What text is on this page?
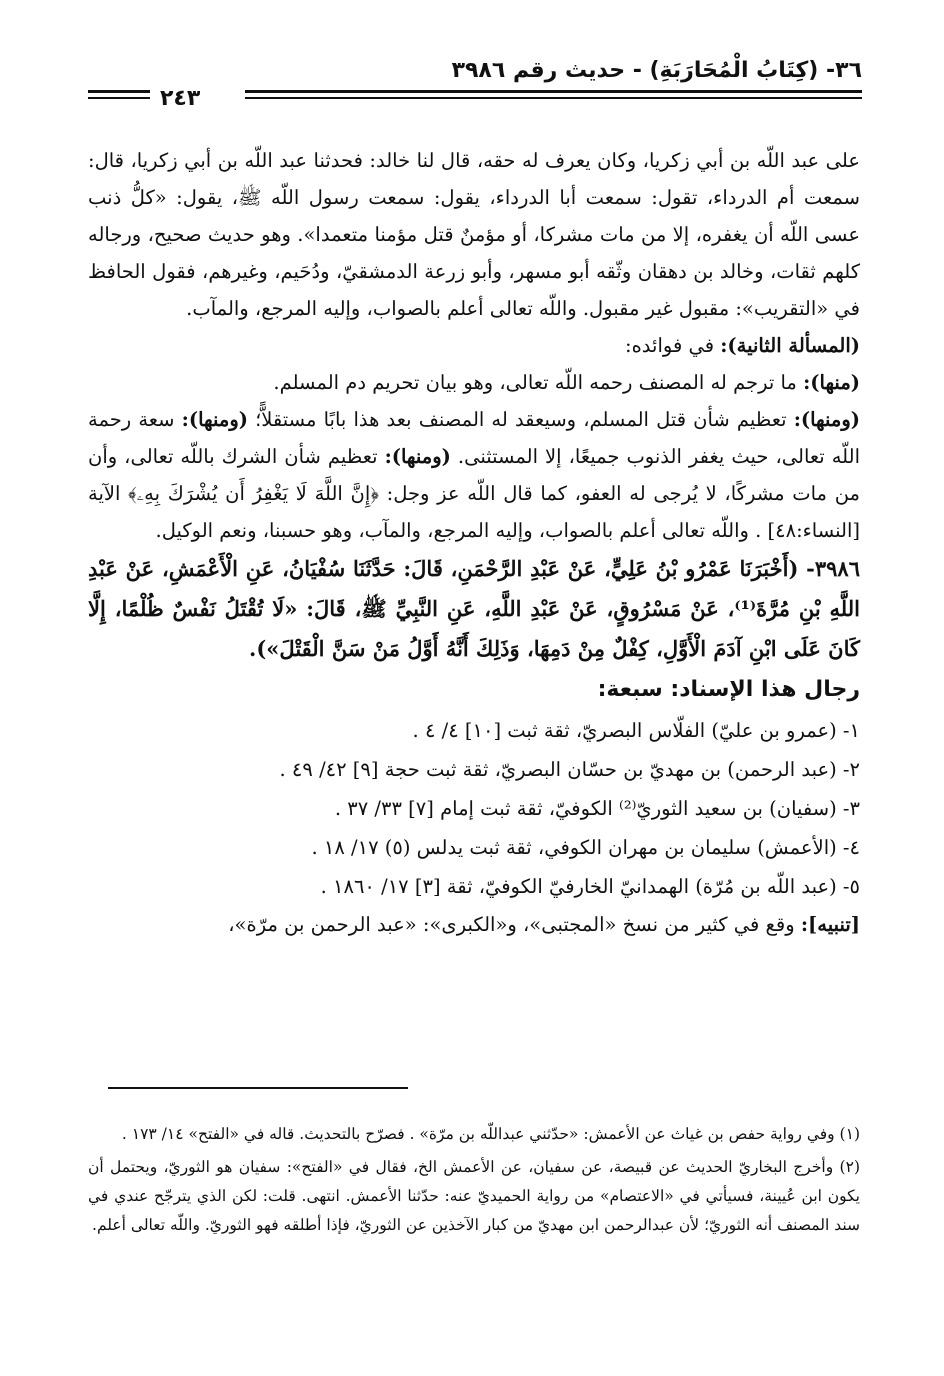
٣٦- (كِتَابُ الْمُحَارَبَةِ) - حديث رقم ٣٩٨٦
٢٤٣

على عبد اللّه بن أبي زكريا، وكان يعرف له حقه، قال لنا خالد: فحدثنا عبد اللّه بن أبي زكريا، قال: سمعت أم الدرداء، تقول: سمعت أبا الدرداء، يقول: سمعت رسول اللّه ﷺ، يقول: «كلُّ ذنب عسى اللّه أن يغفره، إلا من مات مشركا، أو مؤمنٌ قتل مؤمنا متعمدا». وهو حديث صحيح، ورجاله كلهم ثقات، وخالد بن دهقان وثّقه أبو مسهر، وأبو زرعة الدمشقيّ، ودُحَيم، وغيرهم، فقول الحافظ في «التقريب»: مقبول غير مقبول. واللّه تعالى أعلم بالصواب، وإليه المرجع، والمآب.

(المسألة الثانية): في فوائده:

(منها): ما ترجم له المصنف رحمه اللّه تعالى، وهو بيان تحريم دم المسلم.

(ومنها): تعظيم شأن قتل المسلم، وسيعقد له المصنف بعد هذا بابًا مستقلاًّ؛ (ومنها): سعة رحمة اللّه تعالى، حيث يغفر الذنوب جميعًا، إلا المستثنى. (ومنها): تعظيم شأن الشرك باللّه تعالى، وأن من مات مشركًا، لا يُرجى له العفو، كما قال اللّه عز وجل: ﴿إِنَّ اللَّهَ لَا يَغْفِرُ أَن يُشْرَكَ بِهِۦ﴾ الآية [النساء:٤٨] . واللّه تعالى أعلم بالصواب، وإليه المرجع، والمآب، وهو حسبنا، ونعم الوكيل.

٣٩٨٦- (أَخْبَرَنَا عَمْرُو بْنُ عَلِيٍّ، عَنْ عَبْدِ الرَّحْمَنِ، قَالَ: حَدَّثَنَا سُفْيَانُ، عَنِ الْأَعْمَشِ، عَنْ عَبْدِ اللَّهِ بْنِ مُرَّةَ⁽¹⁾، عَنْ مَسْرُوقٍ، عَنْ عَبْدِ اللَّهِ، عَنِ النَّبِيِّ ﷺ، قَالَ: «لَا تُقْتَلُ نَفْسٌ ظُلْمًا، إِلَّا كَانَ عَلَى ابْنِ آدَمَ الْأَوَّلِ، كِفْلٌ مِنْ دَمِهَا، وَذَلِكَ أَنَّهُ أَوَّلُ مَنْ سَنَّ الْقَتْلَ»).

رجال هذا الإسناد: سبعة:

١- (عمرو بن عليّ) الفلّاس البصريّ، ثقة ثبت [١٠] ٤/ ٤ .
٢- (عبد الرحمن) بن مهديّ بن حسّان البصريّ، ثقة ثبت حجة [٩] ٤٢/ ٤٩ .
٣- (سفيان) بن سعيد الثوريّ⁽²⁾ الكوفيّ، ثقة ثبت إمام [٧] ٣٣/ ٣٧ .
٤- (الأعمش) سليمان بن مهران الكوفي، ثقة ثبت يدلس (٥) ١٧/ ١٨ .
٥- (عبد اللّه بن مُرّة) الهمدانيّ الخارفيّ الكوفيّ، ثقة [٣] ١٧/ ١٨٦٠ .

[تنبيه]: وقع في كثير من نسخ «المجتبى»، و«الكبرى»: «عبد الرحمن بن مرّة»،

(١) وفي رواية حفص بن غياث عن الأعمش: «حدّثني عبداللّه بن مرّة» . فصرّح بالتحديث. قاله في «الفتح» ١٤/ ١٧٣ .

(٢) وأخرج البخاريّ الحديث عن قبيصة، عن سفيان، عن الأعمش الخ، فقال في «الفتح»: سفيان هو الثوريّ، ويحتمل أن يكون ابن عُيينة، فسيأتي في «الاعتصام» من رواية الحميديّ عنه: حدّثنا الأعمش. انتهى. قلت: لكن الذي يترجّح عندي في سند المصنف أنه الثوريّ؛ لأن عبدالرحمن ابن مهديّ من كبار الآخذين عن الثوريّ، فإذا أطلقه فهو الثوريّ. واللّه تعالى أعلم.
